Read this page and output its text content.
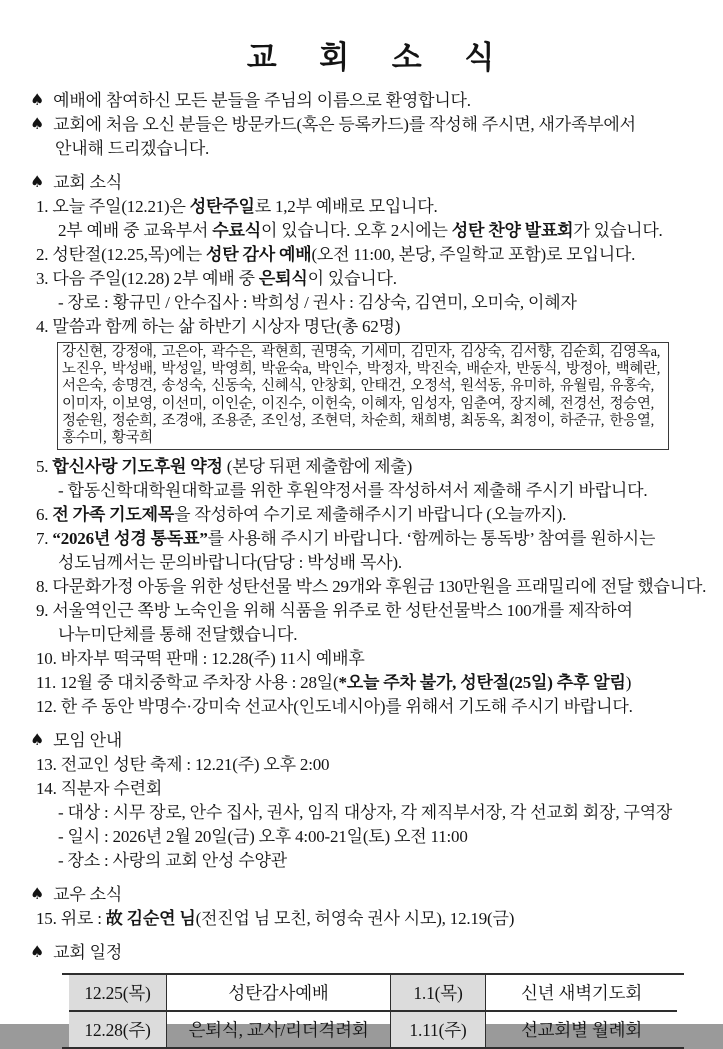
교 회 소 식
♠ 예배에 참여하신 모든 분들을 주님의 이름으로 환영합니다.
♠ 교회에 처음 오신 분들은 방문카드(혹은 등록카드)를 작성해 주시면, 새가족부에서
안내해 드리겠습니다.
♠ 교회 소식
1. 오늘 주일(12.21)은 성탄주일로 1,2부 예배로 모입니다.
2부 예배 중 교육부서 수료식이 있습니다. 오후 2시에는 성탄 찬양 발표회가 있습니다.
2. 성탄절(12.25,목)에는 성탄 감사 예배(오전 11:00, 본당, 주일학교 포함)로 모입니다.
3. 다음 주일(12.28) 2부 예배 중 은퇴식이 있습니다.
- 장로 : 황규민 / 안수집사 : 박희성 / 권사 : 김상숙, 김연미, 오미숙, 이혜자
4. 말씀과 함께 하는 삶 하반기 시상자 명단(총 62명)
강신현, 강정애, 고은아, 곽수은, 곽현희, 권명숙, 기세미, 김민자, 김상숙, 김서향, 김순회, 김영옥a,
노진우, 박성배, 박성일, 박영희, 박윤숙a, 박인수, 박정자, 박진숙, 배순자, 반동식, 방정아, 백혜란,
서은숙, 송명견, 송성숙, 신동숙, 신혜식, 안창회, 안태건, 오정석, 원석동, 유미하, 유월림, 유홍숙,
이미자, 이보영, 이선미, 이인순, 이진수, 이헌숙, 이혜자, 임성자, 임춘여, 장지혜, 전경선, 정승연,
정순원, 정순희, 조경애, 조용준, 조인성, 조현덕, 차순희, 채희병, 최동옥, 최정이, 하준규, 한응열,
홍수미, 황국희
5. 합신사랑 기도후원 약정 (본당 뒤편 제출함에 제출)
- 합동신학대학원대학교를 위한 후원약정서를 작성하셔서 제출해 주시기 바랍니다.
6. 전 가족 기도제목을 작성하여 수기로 제출해주시기 바랍니다 (오늘까지).
7. “2026년 성경 통독표”를 사용해 주시기 바랍니다. ‘함께하는 통독방’ 참여를 원하시는
성도님께서는 문의바랍니다(담당 : 박성배 목사).
8. 다문화가정 아동을 위한 성탄선물 박스 29개와 후원금 130만원을 프래밀리에 전달 했습니다.
9. 서울역인근 쪽방 노숙인을 위해 식품을 위주로 한 성탄선물박스 100개를 제작하여
나누미단체를 통해 전달했습니다.
10. 바자부 떡국떡 판매 : 12.28(주) 11시 예배후
11. 12월 중 대치중학교 주차장 사용 : 28일(*오늘 주차 불가, 성탄절(25일) 추후 알림)
12. 한 주 동안 박명수·강미숙 선교사(인도네시아)를 위해서 기도해 주시기 바랍니다.
♠ 모임 안내
13. 전교인 성탄 축제 : 12.21(주) 오후 2:00
14. 직분자 수련회
- 대상 : 시무 장로, 안수 집사, 권사, 임직 대상자, 각 제직부서장, 각 선교회 회장, 구역장
- 일시 : 2026년 2월 20일(금) 오후 4:00-21일(토) 오전 11:00
- 장소 : 사랑의 교회 안성 수양관
♠ 교우 소식
15. 위로 : 故 김순연 님(전진업 님 모친, 허영숙 권사 시모), 12.19(금)
♠ 교회 일정
12.25(목)	성탄감사예배	1.1(목)	신년 새벽기도회
12.28(주)	은퇴식, 교사/리더격려회	1.11(주)	선교회별 월례회
